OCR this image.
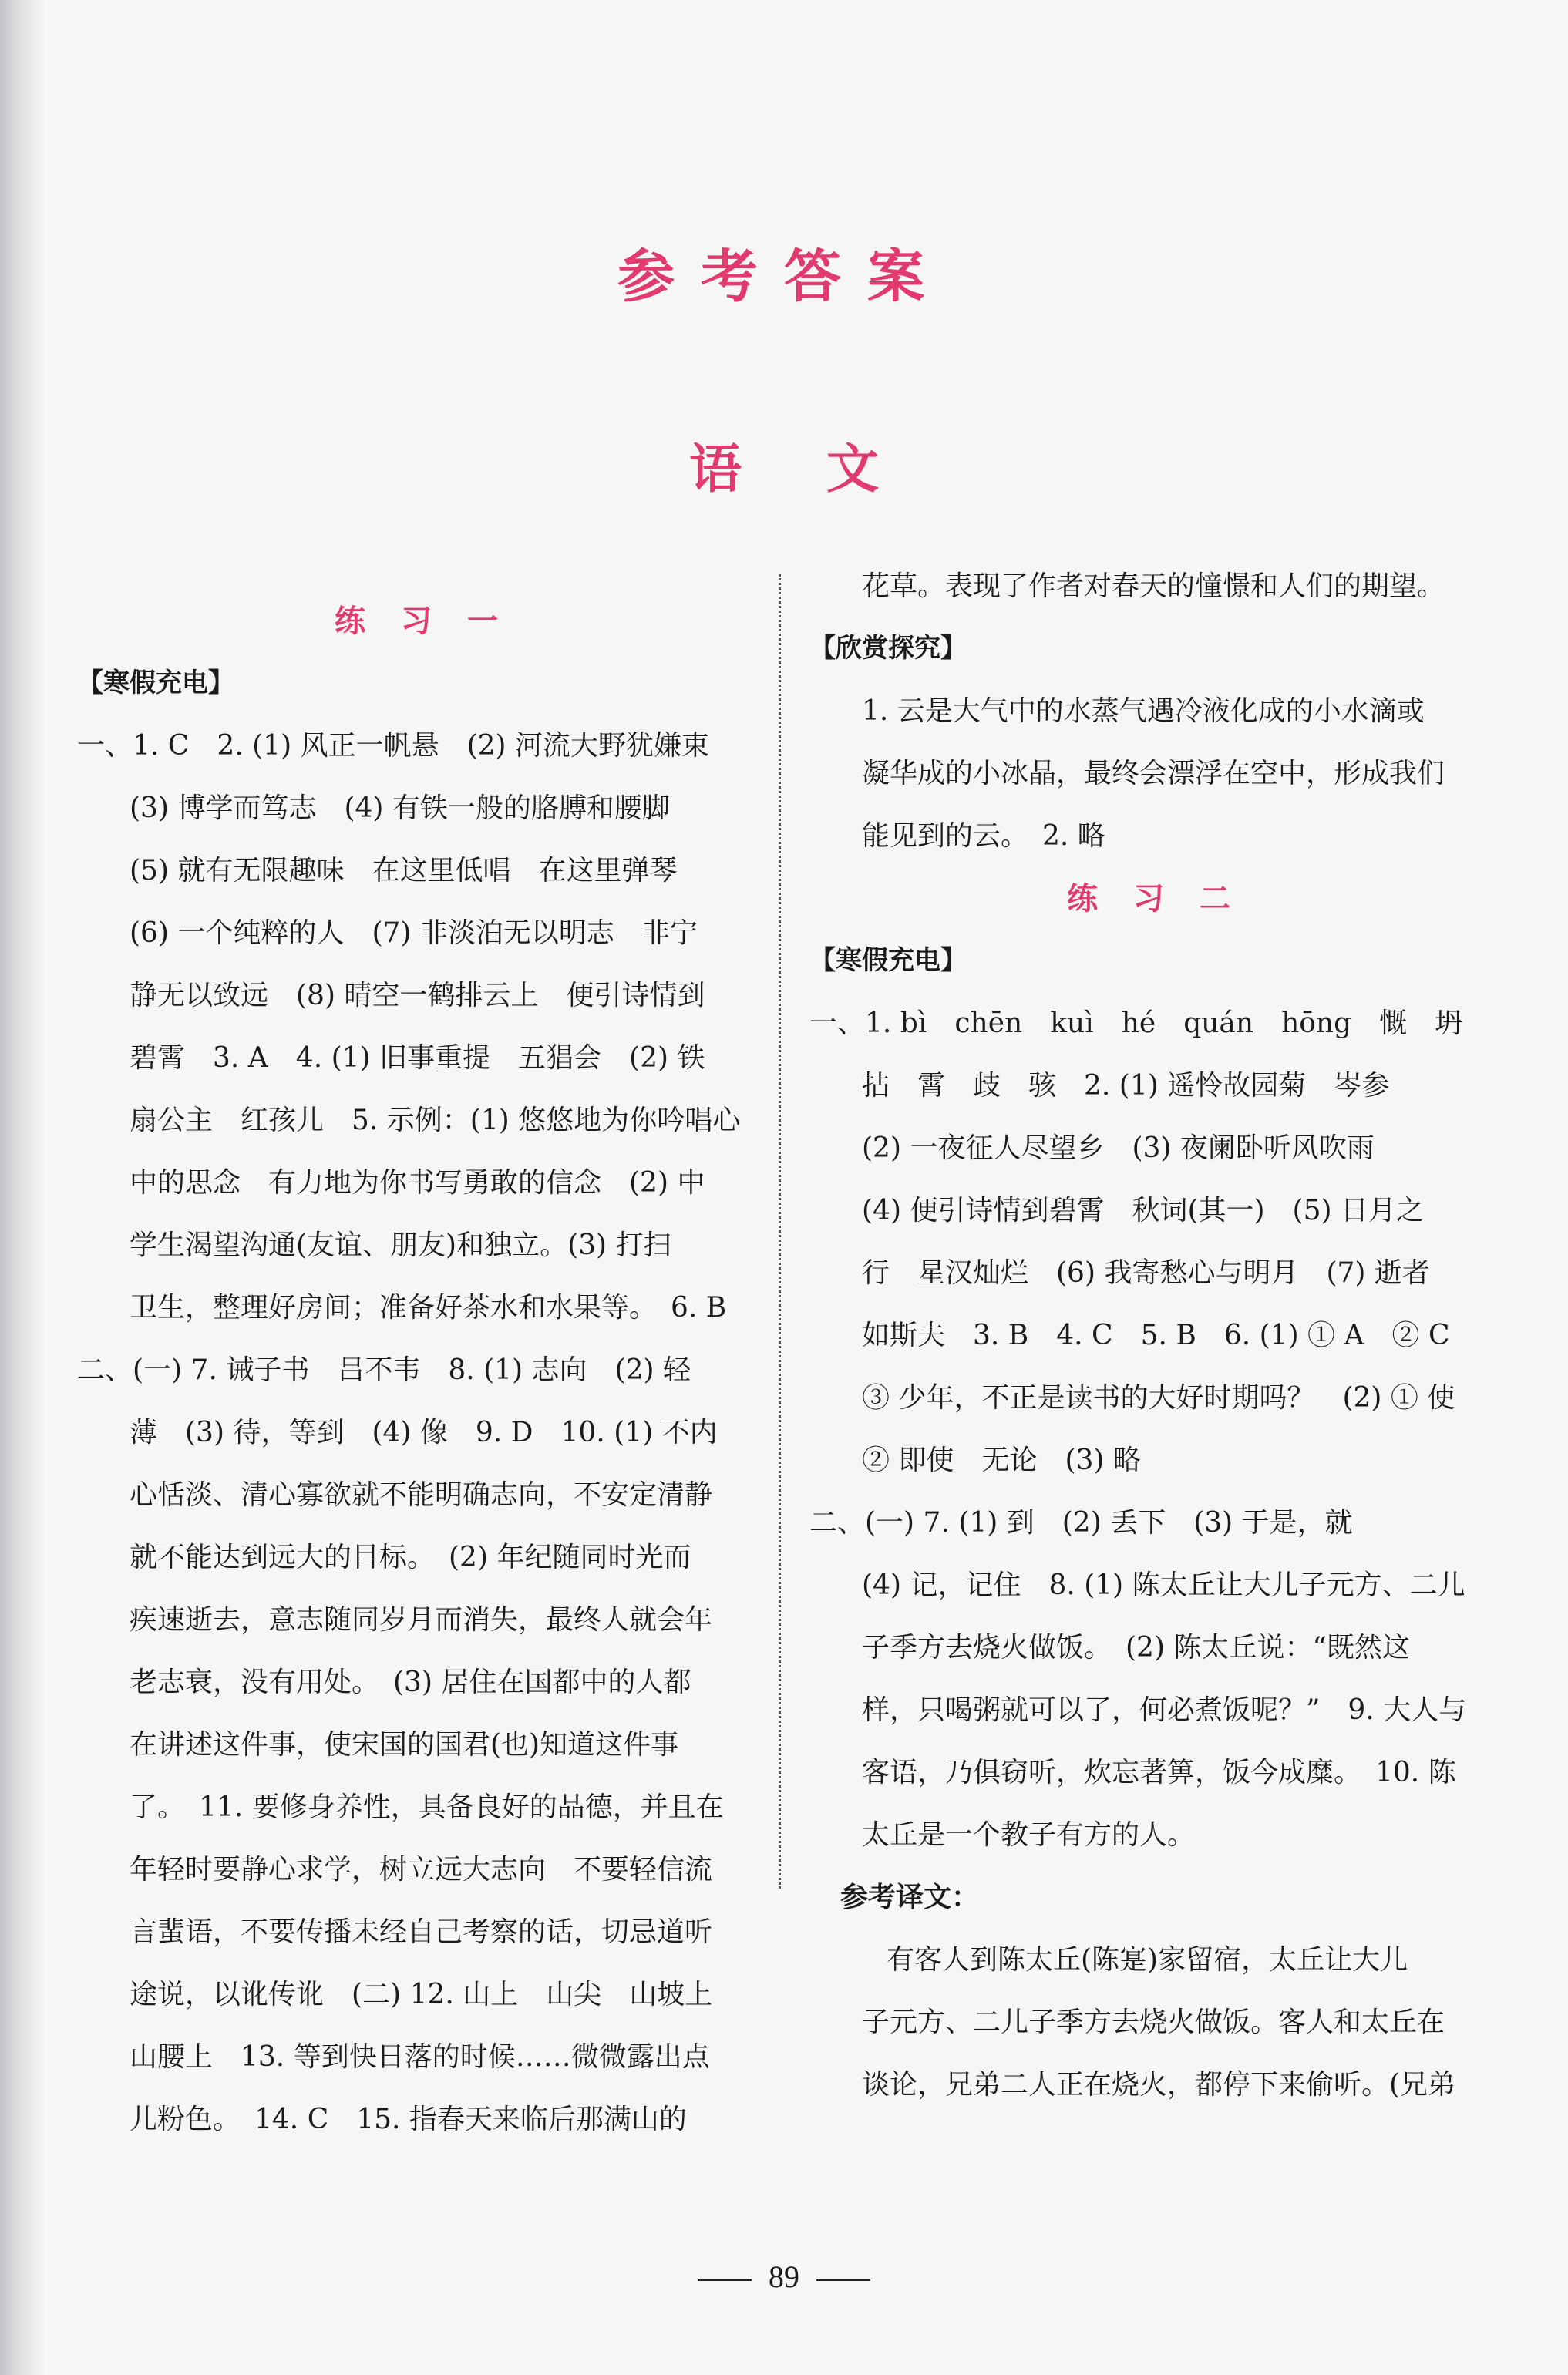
参考答案
语文
练习一
【寒假充电】
一、1. C　2. (1) 风正一帆悬　(2) 河流大野犹嫌束
(3) 博学而笃志　(4) 有铁一般的胳膊和腰脚
(5) 就有无限趣味　在这里低唱　在这里弹琴
(6) 一个纯粹的人　(7) 非淡泊无以明志　非宁
静无以致远　(8) 晴空一鹤排云上　便引诗情到
碧霄　3. A　4. (1) 旧事重提　五猖会　(2) 铁
扇公主　红孩儿　5. 示例：(1) 悠悠地为你吟唱心
中的思念　有力地为你书写勇敢的信念　(2) 中
学生渴望沟通(友谊、朋友)和独立。(3) 打扫
卫生，整理好房间；准备好茶水和水果等。　6. B
二、(一) 7. 诫子书　吕不韦　8. (1) 志向　(2) 轻
薄　(3) 待，等到　(4) 像　9. D　10. (1) 不内
心恬淡、清心寡欲就不能明确志向，不安定清静
就不能达到远大的目标。　(2) 年纪随同时光而
疾速逝去，意志随同岁月而消失，最终人就会年
老志衰，没有用处。　(3) 居住在国都中的人都
在讲述这件事，使宋国的国君(也)知道这件事
了。　11. 要修身养性，具备良好的品德，并且在
年轻时要静心求学，树立远大志向　不要轻信流
言蜚语，不要传播未经自己考察的话，切忌道听
途说，以讹传讹　(二) 12. 山上　山尖　山坡上
山腰上　13. 等到快日落的时候……微微露出点
儿粉色。　14. C　15. 指春天来临后那满山的
花草。表现了作者对春天的憧憬和人们的期望。
【欣赏探究】
1. 云是大气中的水蒸气遇冷液化成的小水滴或
凝华成的小冰晶，最终会漂浮在空中，形成我们
能见到的云。　2. 略
练习二
【寒假充电】
一、1. bì　chēn　kuì　hé　quán　hōng　慨　坍
拈　霄　歧　骇　2. (1) 遥怜故园菊　岑参
(2) 一夜征人尽望乡　(3) 夜阑卧听风吹雨
(4) 便引诗情到碧霄　秋词(其一)　(5) 日月之
行　星汉灿烂　(6) 我寄愁心与明月　(7) 逝者
如斯夫　3. B　4. C　5. B　6. (1) ① A　② C
③ 少年，不正是读书的大好时期吗？　(2) ① 使
② 即使　无论　(3) 略
二、(一) 7. (1) 到　(2) 丢下　(3) 于是，就
(4) 记，记住　8. (1) 陈太丘让大儿子元方、二儿
子季方去烧火做饭。　(2) 陈太丘说：“既然这
样，只喝粥就可以了，何必煮饭呢？”　9. 大人与
客语，乃俱窃听，炊忘著箅，饭今成糜。　10. 陈
太丘是一个教子有方的人。
参考译文：
有客人到陈太丘(陈寔)家留宿，太丘让大儿
子元方、二儿子季方去烧火做饭。客人和太丘在
谈论，兄弟二人正在烧火，都停下来偷听。(兄弟
89
